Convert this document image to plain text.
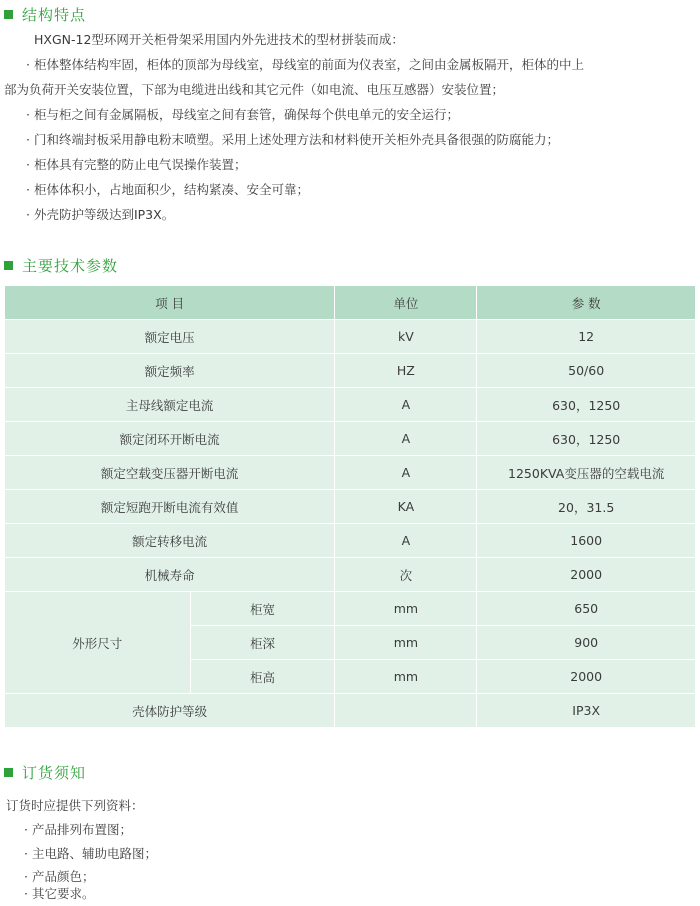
结构特点
HXGN-12型环网开关柜骨架采用国内外先进技术的型材拼装而成：
· 柜体整体结构牢固，柜体的顶部为母线室，母线室的前面为仪表室，之间由金属板隔开，柜体的中上
部为负荷开关安装位置，下部为电缆进出线和其它元件（如电流、电压互感器）安装位置；
· 柜与柜之间有金属隔板，母线室之间有套管，确保每个供电单元的安全运行；
· 门和终端封板采用静电粉末喷塑。采用上述处理方法和材料使开关柜外壳具备很强的防腐能力；
· 柜体具有完整的防止电气误操作装置；
· 柜体体积小，占地面积少，结构紧凑、安全可靠；
· 外壳防护等级达到IP3X。
主要技术参数
项 目		单位	参 数
额定电压		kV	12
额定频率		HZ	50/60
主母线额定电流		A	630，1250
额定闭环开断电流		A	630，1250
额定空载变压器开断电流		A	1250KVA变压器的空载电流
额定短跑开断电流有效值		KA	20，31.5
额定转移电流		A	1600
机械寿命		次	2000
外形尺寸	柜宽	mm	650
	柜深	mm	900
	柜高	mm	2000
壳体防护等级			IP3X
订货须知
订货时应提供下列资料：
· 产品排列布置图；
· 主电路、辅助电路图；
· 产品颜色；
· 其它要求。
